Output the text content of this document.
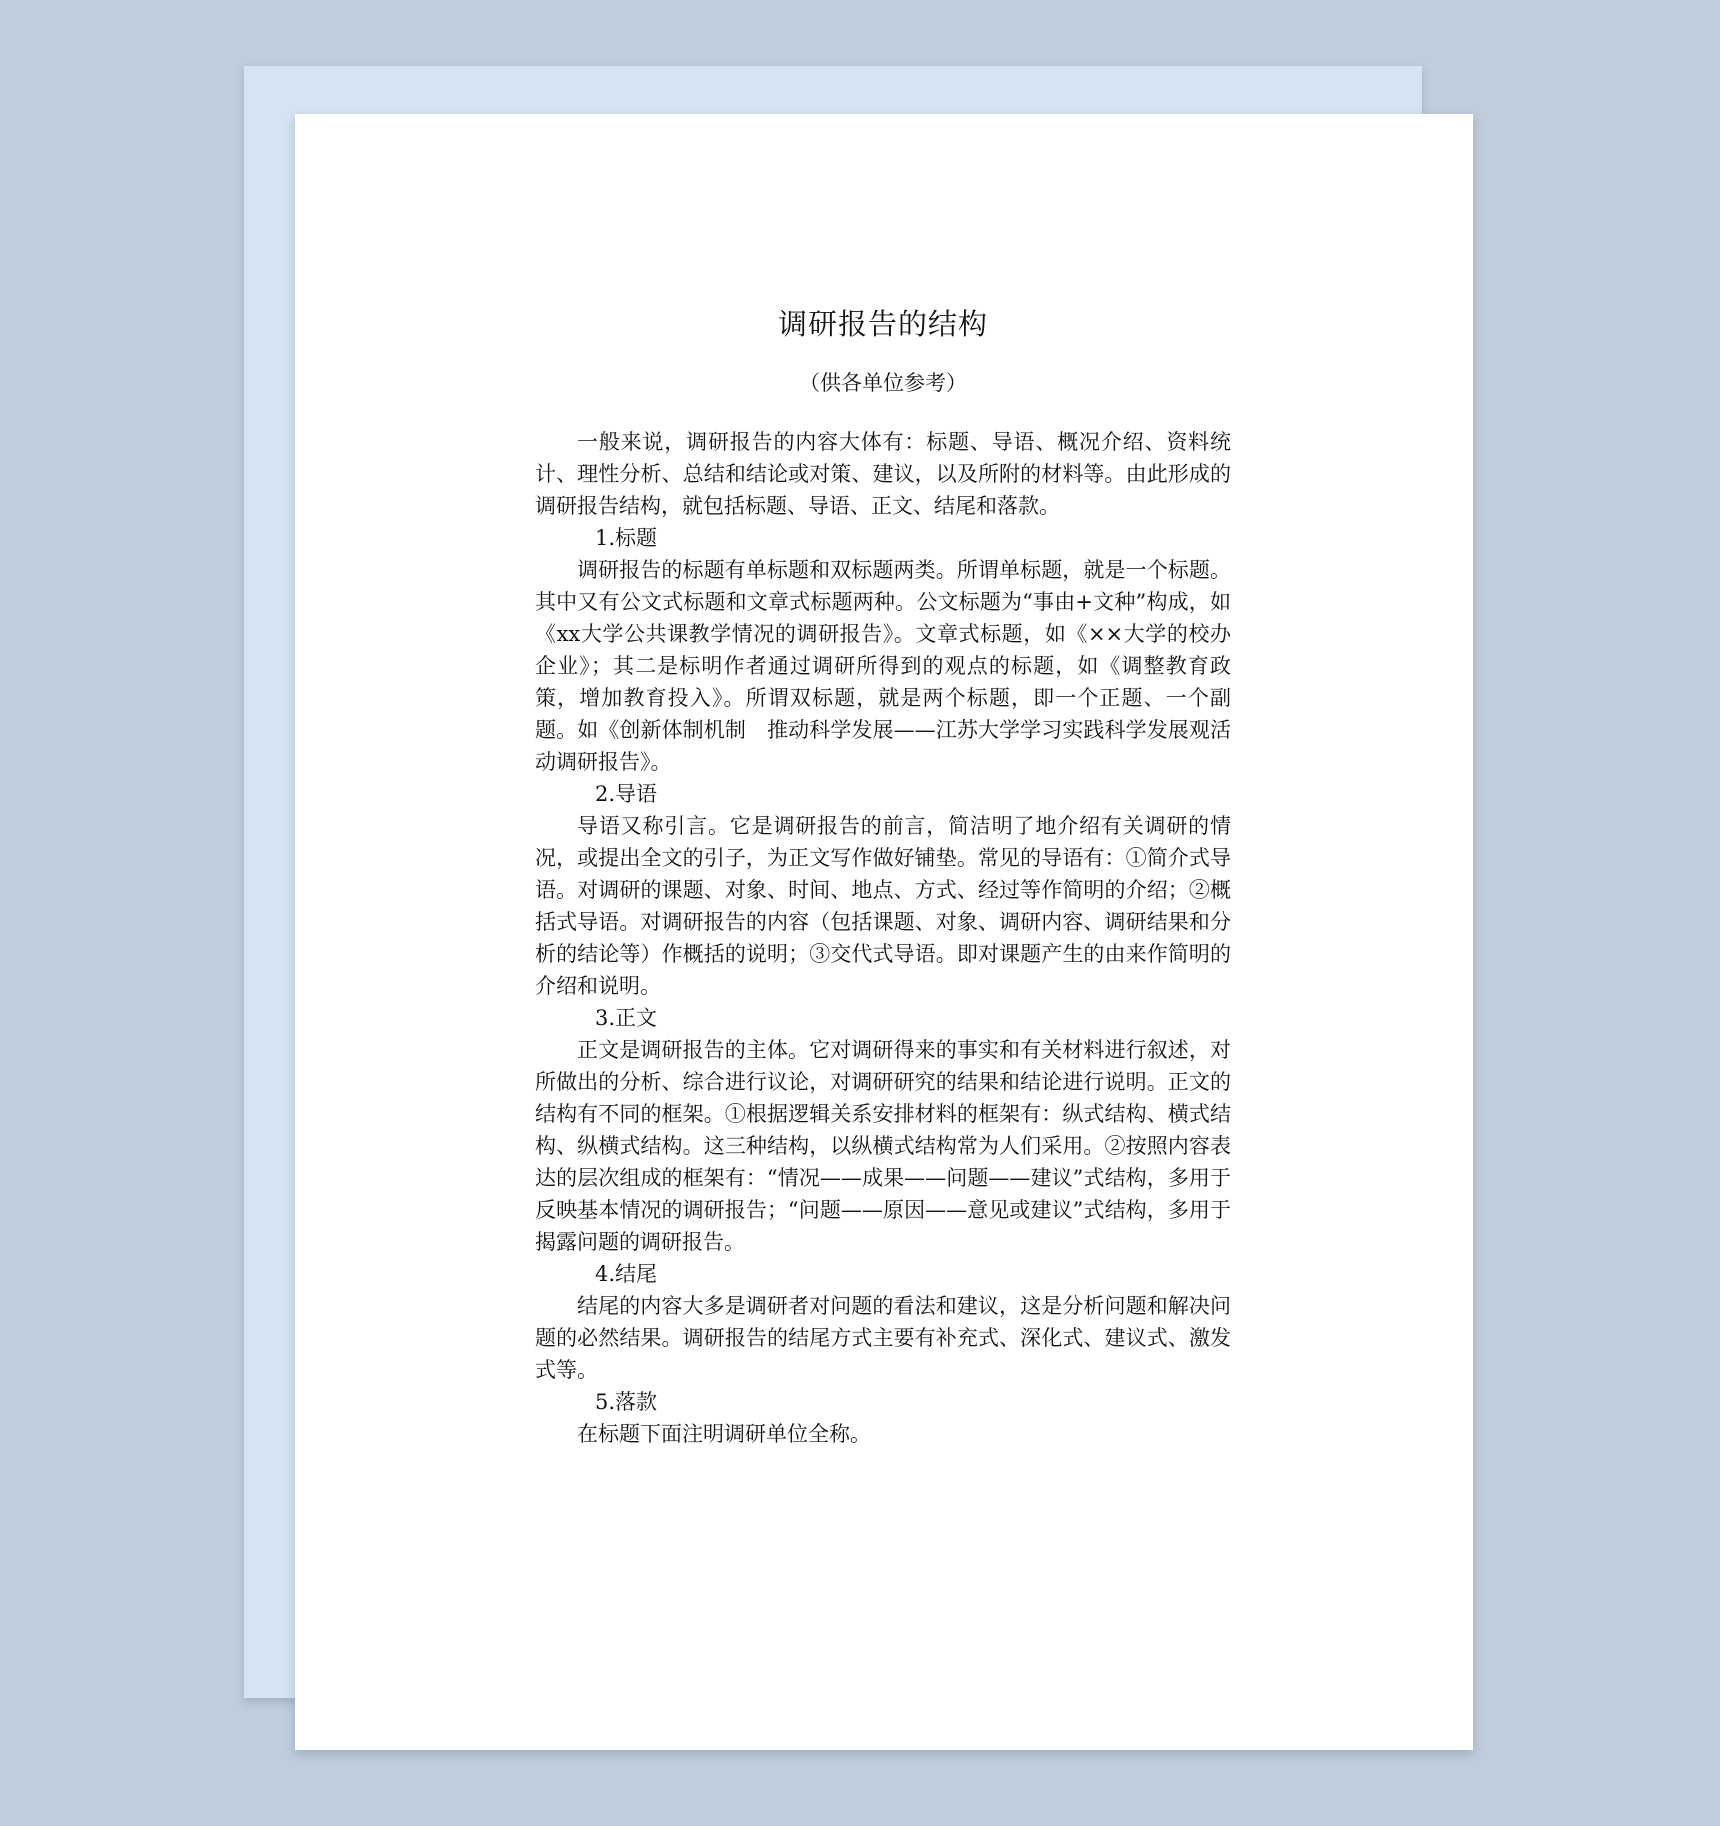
调研报告的结构

（供各单位参考）

一般来说，调研报告的内容大体有：标题、导语、概况介绍、资料统计、理性分析、总结和结论或对策、建议，以及所附的材料等。由此形成的调研报告结构，就包括标题、导语、正文、结尾和落款。

1.标题

调研报告的标题有单标题和双标题两类。所谓单标题，就是一个标题。其中又有公文式标题和文章式标题两种。公文标题为“事由+文种”构成，如《xx大学公共课教学情况的调研报告》。文章式标题，如《××大学的校办企业》；其二是标明作者通过调研所得到的观点的标题，如《调整教育政策，增加教育投入》。所谓双标题，就是两个标题，即一个正题、一个副题。如《创新体制机制　推动科学发展——江苏大学学习实践科学发展观活动调研报告》。

2.导语

导语又称引言。它是调研报告的前言，简洁明了地介绍有关调研的情况，或提出全文的引子，为正文写作做好铺垫。常见的导语有：①简介式导语。对调研的课题、对象、时间、地点、方式、经过等作简明的介绍；②概括式导语。对调研报告的内容（包括课题、对象、调研内容、调研结果和分析的结论等）作概括的说明；③交代式导语。即对课题产生的由来作简明的介绍和说明。

3.正文

正文是调研报告的主体。它对调研得来的事实和有关材料进行叙述，对所做出的分析、综合进行议论，对调研研究的结果和结论进行说明。正文的结构有不同的框架。①根据逻辑关系安排材料的框架有：纵式结构、横式结构、纵横式结构。这三种结构，以纵横式结构常为人们采用。②按照内容表达的层次组成的框架有：“情况——成果——问题——建议”式结构，多用于反映基本情况的调研报告；“问题——原因——意见或建议”式结构，多用于揭露问题的调研报告。

4.结尾

结尾的内容大多是调研者对问题的看法和建议，这是分析问题和解决问题的必然结果。调研报告的结尾方式主要有补充式、深化式、建议式、激发式等。

5.落款

在标题下面注明调研单位全称。
